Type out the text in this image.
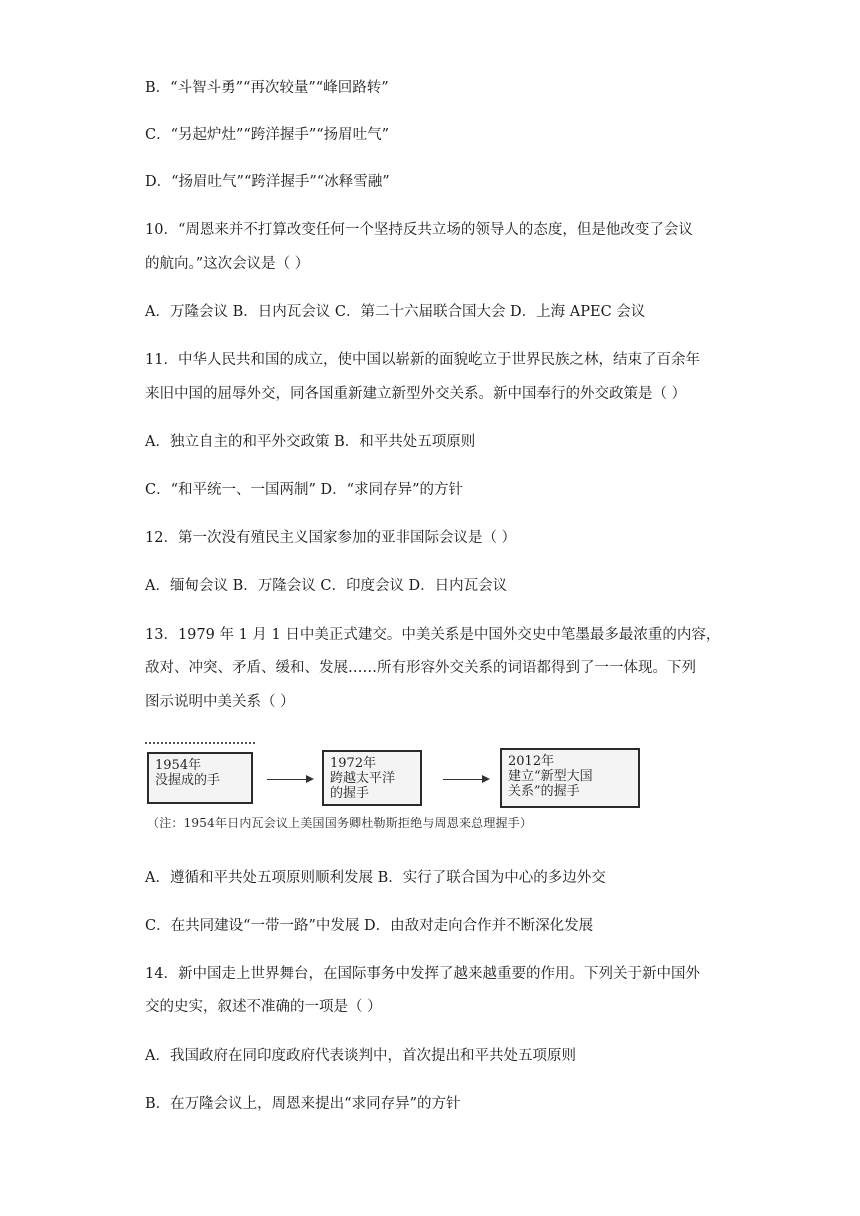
B．“斗智斗勇”“再次较量”“峰回路转”
C．“另起炉灶”“跨洋握手”“扬眉吐气”
D．“扬眉吐气”“跨洋握手”“冰释雪融”
10．“周恩来并不打算改变任何一个坚持反共立场的领导人的态度，但是他改变了会议
的航向。”这次会议是（ ）
A．万隆会议 B．日内瓦会议 C．第二十六届联合国大会 D．上海 APEC 会议
11．中华人民共和国的成立，使中国以崭新的面貌屹立于世界民族之林，结束了百余年
来旧中国的屈辱外交，同各国重新建立新型外交关系。新中国奉行的外交政策是（ ）
A．独立自主的和平外交政策 B．和平共处五项原则
C．“和平统一、一国两制” D．“求同存异”的方针
12．第一次没有殖民主义国家参加的亚非国际会议是（ ）
A．缅甸会议 B．万隆会议 C．印度会议 D．日内瓦会议
13．1979 年 1 月 1 日中美正式建交。中美关系是中国外交史中笔墨最多最浓重的内容，
敌对、冲突、矛盾、缓和、发展……所有形容外交关系的词语都得到了一一体现。下列
图示说明中美关系（ ）
1954年
没握成的手
1972年
跨越太平洋
的握手
2012年
建立“新型大国
关系”的握手
（注：1954年日内瓦会议上美国国务卿杜勒斯拒绝与周恩来总理握手）
A．遵循和平共处五项原则顺利发展 B．实行了联合国为中心的多边外交
C．在共同建设“一带一路”中发展 D．由敌对走向合作并不断深化发展
14．新中国走上世界舞台，在国际事务中发挥了越来越重要的作用。下列关于新中国外
交的史实，叙述不准确的一项是（ ）
A．我国政府在同印度政府代表谈判中，首次提出和平共处五项原则
B．在万隆会议上，周恩来提出“求同存异”的方针
